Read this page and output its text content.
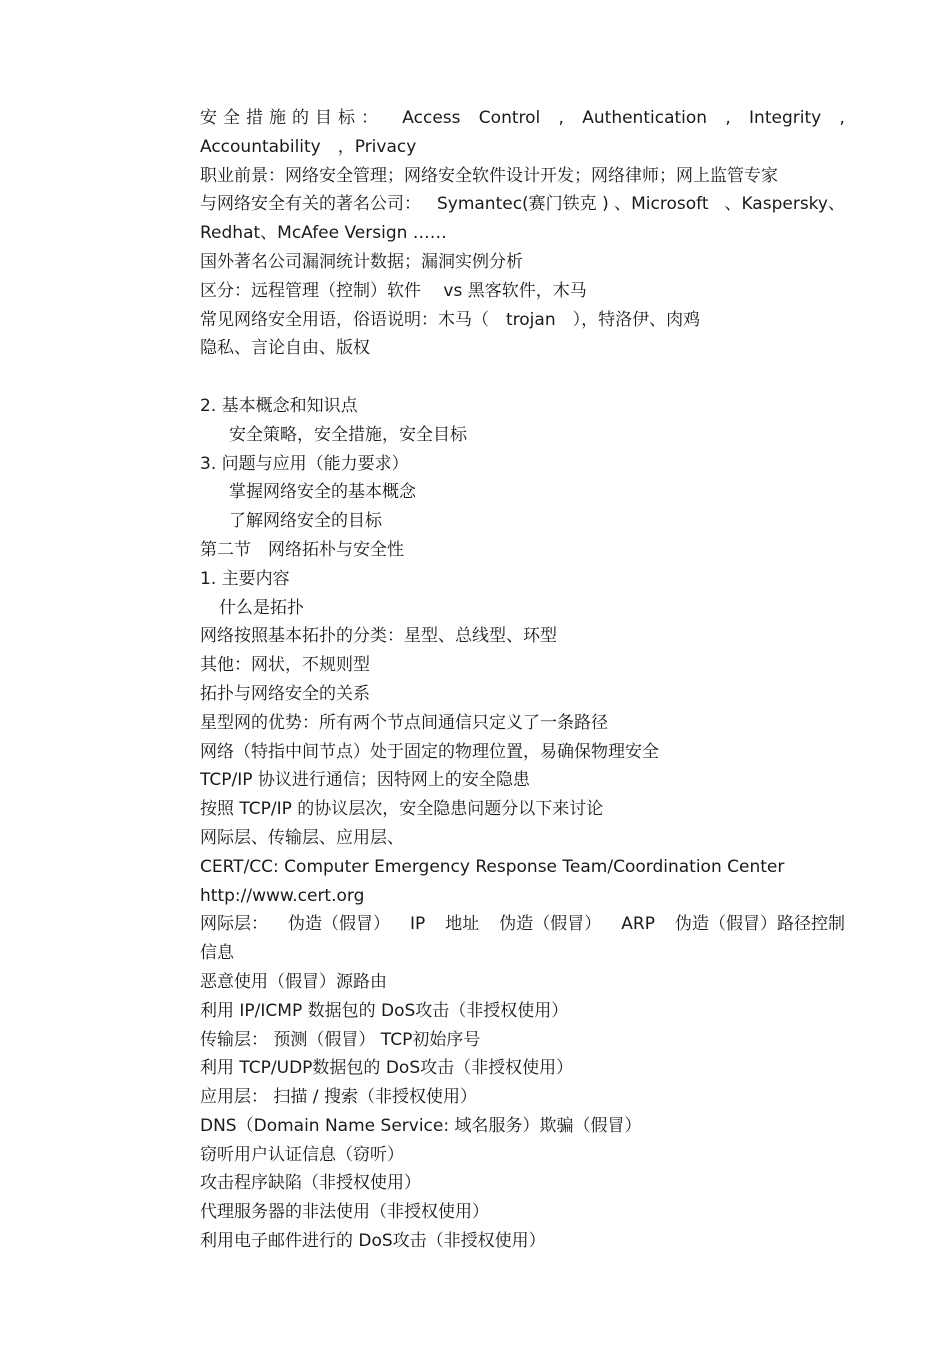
安全措施的目标： Access Control , Authentication , Integrity ,
Accountability　，Privacy
职业前景：网络安全管理；网络安全软件设计开发；网络律师；网上监管专家
与网络安全有关的著名公司： Symantec(赛门铁克 ) 、Microsoft 、Kaspersky、
Redhat、McAfee Versign ……
国外著名公司漏洞统计数据；漏洞实例分析
区分：远程管理（控制）软件　 vs 黑客软件，木马
常见网络安全用语，俗语说明：木马（　trojan　），特洛伊、肉鸡
隐私、言论自由、版权
2. 基本概念和知识点
安全策略，安全措施，安全目标
3. 问题与应用（能力要求）
掌握网络安全的基本概念
了解网络安全的目标
第二节　网络拓朴与安全性
1. 主要内容
什么是拓扑
网络按照基本拓扑的分类：星型、总线型、环型
其他：网状，不规则型
拓扑与网络安全的关系
星型网的优势：所有两个节点间通信只定义了一条路径
网络（特指中间节点）处于固定的物理位置，易确保物理安全
TCP/IP 协议进行通信；因特网上的安全隐患
按照 TCP/IP 的协议层次，安全隐患问题分以下来讨论
网际层、传输层、应用层、
CERT/CC: Computer Emergency Response Team/Coordination Center
http://www.cert.org
网际层： 伪造（假冒） IP 地址 伪造（假冒） ARP 伪造（假冒）路径控制
信息
恶意使用（假冒）源路由
利用 IP/ICMP 数据包的 DoS攻击（非授权使用）
传输层： 预测（假冒） TCP初始序号
利用 TCP/UDP数据包的 DoS攻击（非授权使用）
应用层： 扫描 / 搜索（非授权使用）
DNS（Domain Name Service: 域名服务）欺骗（假冒）
窃听用户认证信息（窃听）
攻击程序缺陷（非授权使用）
代理服务器的非法使用（非授权使用）
利用电子邮件进行的 DoS攻击（非授权使用）
